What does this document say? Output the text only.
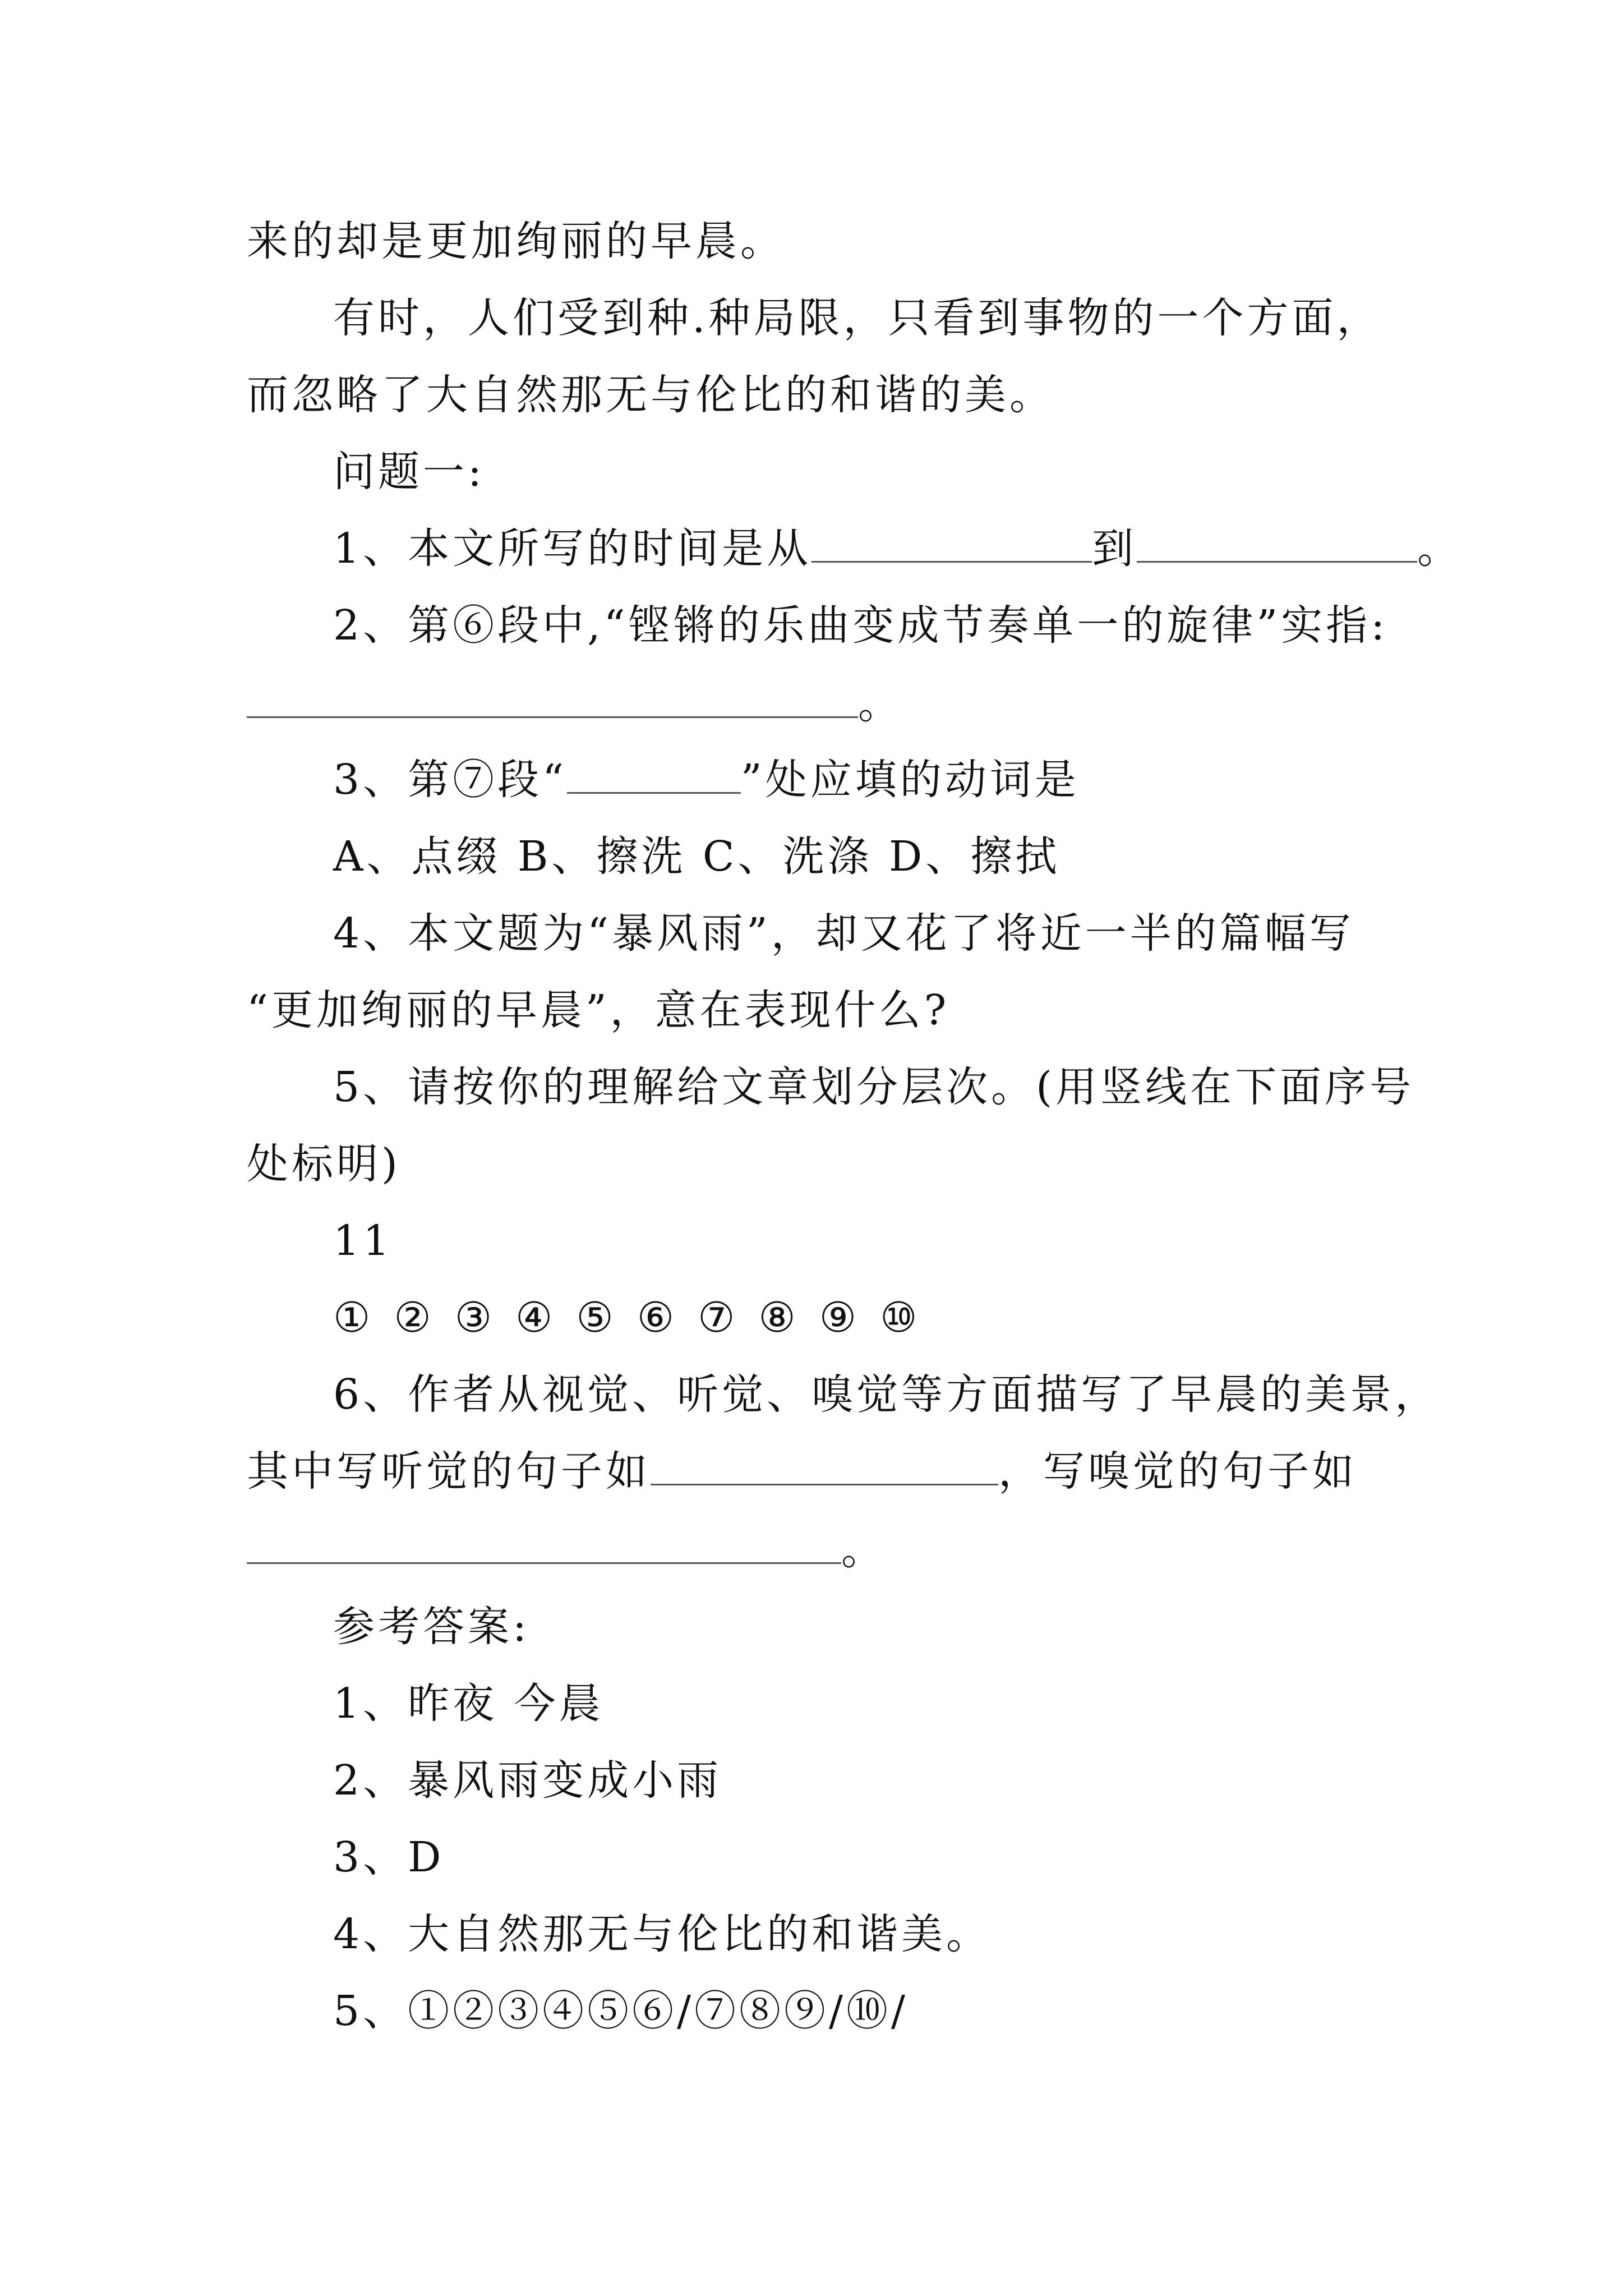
来的却是更加绚丽的早晨。
有时，人们受到种.种局限，只看到事物的一个方面，
而忽略了大自然那无与伦比的和谐的美。
问题一:
1、本文所写的时间是从	到	。
2、第⑥段中,“铿锵的乐曲变成节奏单一的旋律”实指:
。
3、第⑦段“	”处应填的动词是
A、点缀 B、擦洗 C、洗涤 D、擦拭
4、本文题为“暴风雨”，却又花了将近一半的篇幅写
“更加绚丽的早晨”，意在表现什么?
5、请按你的理解给文章划分层次。(用竖线在下面序号
处标明)
11
① ② ③ ④ ⑤ ⑥ ⑦ ⑧ ⑨ ⑩
6、作者从视觉、听觉、嗅觉等方面描写了早晨的美景，
其中写听觉的句子如	，写嗅觉的句子如
。
参考答案:
1、昨夜 今晨
2、暴风雨变成小雨
3、D
4、大自然那无与伦比的和谐美。
5、①②③④⑤⑥/⑦⑧⑨/⑩/
